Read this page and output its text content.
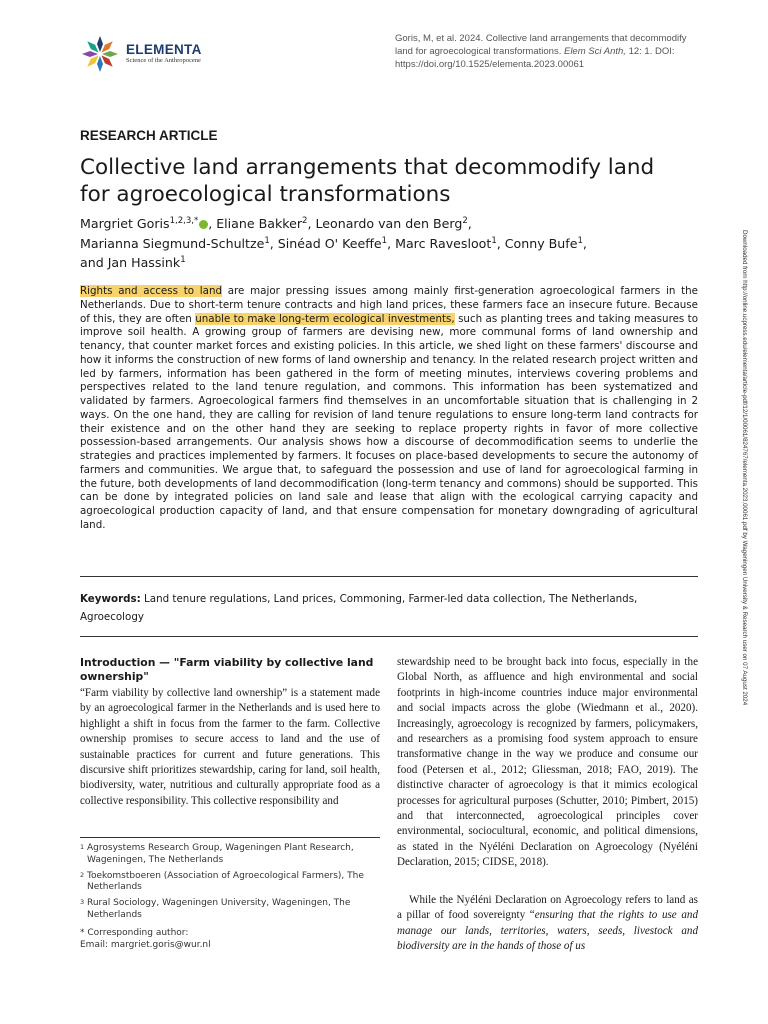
ELEMENTA
Science of the Anthropocene
Goris, M, et al. 2024. Collective land arrangements that decommodify land for agroecological transformations. Elem Sci Anth, 12: 1. DOI: https://doi.org/10.1525/elementa.2023.00061
RESEARCH ARTICLE
Collective land arrangements that decommodify land for agroecological transformations
Margriet Goris$^{1,2,3,*}$ , Eliane Bakker$^2$, Leonardo van den Berg$^2$,
Marianna Siegmund-Schultze$^1$, Sinéad O' Keeffe$^1$, Marc Ravesloot$^1$, Conny Bufe$^1$,
and Jan Hassink$^1$

Rights and access to land are major pressing issues among mainly first-generation agroecological farmers in the Netherlands. Due to short-term tenure contracts and high land prices, these farmers face an insecure future. Because of this, they are often unable to make long-term ecological investments, such as planting trees and taking measures to improve soil health. A growing group of farmers are devising new, more communal forms of land ownership and tenancy, that counter market forces and existing policies. In this article, we shed light on these farmers' discourse and how it informs the construction of new forms of land ownership and tenancy. In the related research project written and led by farmers, information has been gathered in the form of meeting minutes, interviews covering problems and perspectives related to the land tenure regulation, and commons. This information has been systematized and validated by farmers. Agroecological farmers find themselves in an uncomfortable situation that is challenging in 2 ways. On the one hand, they are calling for revision of land tenure regulations to ensure long-term land contracts for their existence and on the other hand they are seeking to replace property rights in favor of more collective possession-based arrangements. Our analysis shows how a discourse of decommodification seems to underlie the strategies and practices implemented by farmers. It focuses on place-based developments to secure the autonomy of farmers and communities. We argue that, to safeguard the possession and use of land for agroecological farming in the future, both developments of land decommodification (long-term tenancy and commons) should be supported. This can be done by integrated policies on land sale and lease that align with the ecological carrying capacity and agroecological production capacity of land, and that ensure compensation for monetary downgrading of agricultural land.

Keywords: Land tenure regulations, Land prices, Commoning, Farmer-led data collection, The Netherlands, Agroecology

Introduction — "Farm viability by collective land ownership"

“Farm viability by collective land ownership” is a statement made by an agroecological farmer in the Netherlands and is used here to highlight a shift in focus from the farmer to the farm. Collective ownership promises to secure access to land and the use of sustainable practices for current and future generations. This discursive shift prioritizes stewardship, caring for land, soil health, biodiversity, water, nutritious and culturally appropriate food as a collective responsibility. This collective responsibility and

stewardship need to be brought back into focus, especially in the Global North, as affluence and high environmental and social footprints in high-income countries induce major environmental and social impacts across the globe (Wiedmann et al., 2020). Increasingly, agroecology is recognized by farmers, policymakers, and researchers as a promising food system approach to ensure transformative change in the way we produce and consume our food (Petersen et al., 2012; Gliessman, 2018; FAO, 2019). The distinctive character of agroecology is that it mimics ecological processes for agricultural purposes (Schutter, 2010; Pimbert, 2015) and that interconnected, agroecological principles cover environmental, sociocultural, economic, and political dimensions, as stated in the Nyéléni Declaration on Agroecology (Nyéléni Declaration, 2015; CIDSE, 2018).

While the Nyéléni Declaration on Agroecology refers to land as a pillar of food sovereignty “ensuring that the rights to use and manage our lands, territories, waters, seeds, livestock and biodiversity are in the hands of those of us

1 Agrosystems Research Group, Wageningen Plant Research, Wageningen, The Netherlands
2 Toekomstboeren (Association of Agroecological Farmers), The Netherlands
3 Rural Sociology, Wageningen University, Wageningen, The Netherlands
* Corresponding author:
Email: margriet.goris@wur.nl
Downloaded from http://online.ucpress.edu/elementa/article-pdf/12/1/00061/824767/elementa.2023.00061.pdf by Wageningen University & Research user on 07 August 2024
